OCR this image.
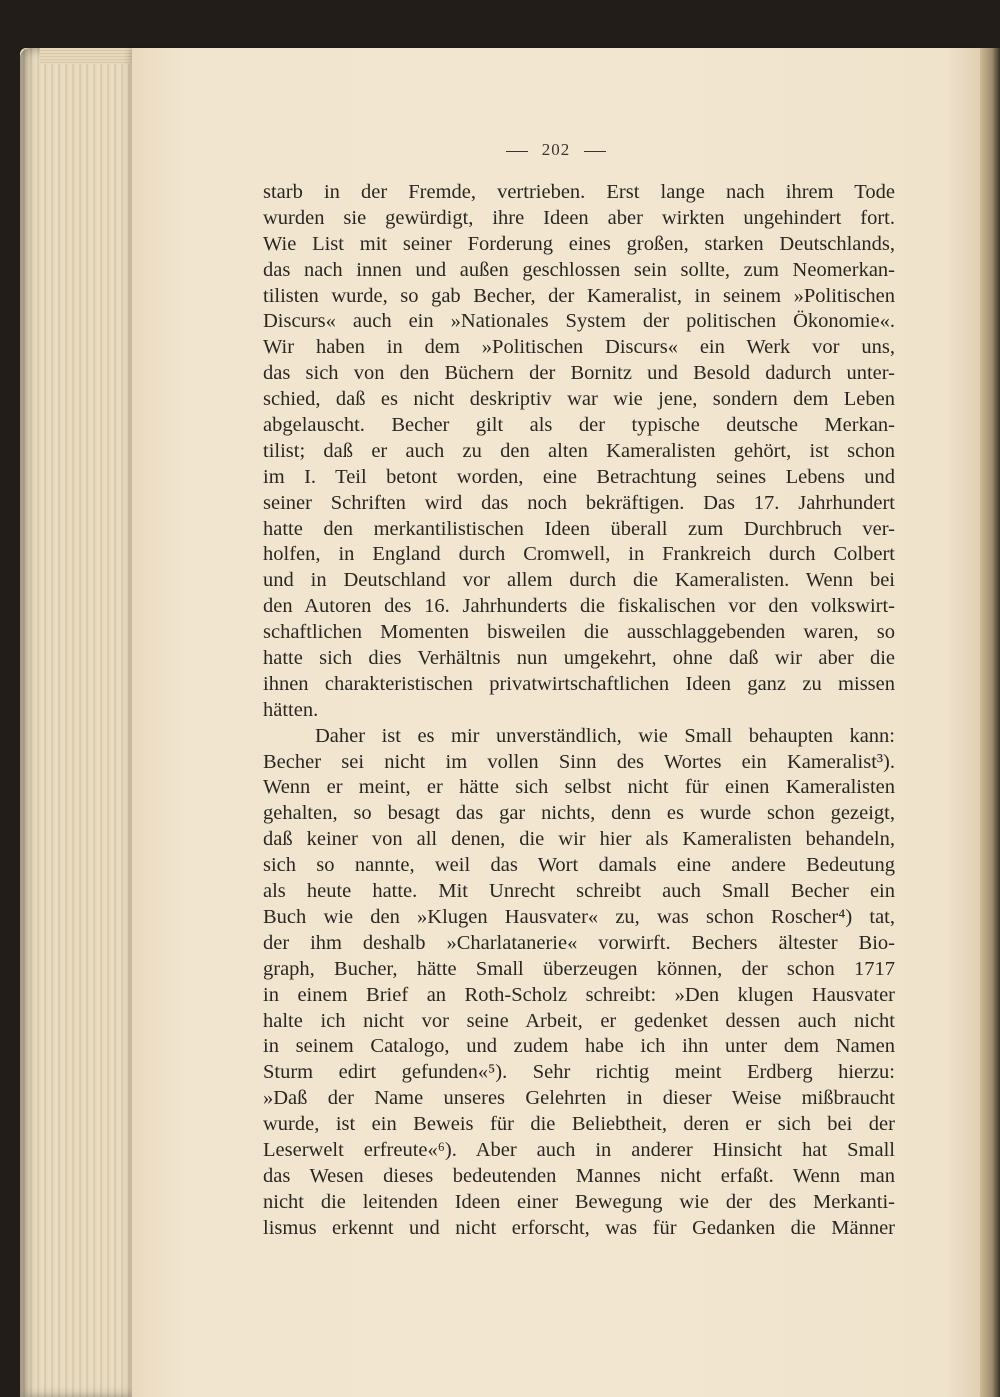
202
starb in der Fremde, vertrieben. Erst lange nach ihrem Tode
wurden sie gewürdigt, ihre Ideen aber wirkten ungehindert fort.
Wie List mit seiner Forderung eines großen, starken Deutschlands,
das nach innen und außen geschlossen sein sollte, zum Neomerkan-
tilisten wurde, so gab Becher, der Kameralist, in seinem »Politischen
Discurs« auch ein »Nationales System der politischen Ökonomie«.
Wir haben in dem »Politischen Discurs« ein Werk vor uns,
das sich von den Büchern der Bornitz und Besold dadurch unter-
schied, daß es nicht deskriptiv war wie jene, sondern dem Leben
abgelauscht. Becher gilt als der typische deutsche Merkan-
tilist; daß er auch zu den alten Kameralisten gehört, ist schon
im I. Teil betont worden, eine Betrachtung seines Lebens und
seiner Schriften wird das noch bekräftigen. Das 17. Jahrhundert
hatte den merkantilistischen Ideen überall zum Durchbruch ver-
holfen, in England durch Cromwell, in Frankreich durch Colbert
und in Deutschland vor allem durch die Kameralisten. Wenn bei
den Autoren des 16. Jahrhunderts die fiskalischen vor den volkswirt-
schaftlichen Momenten bisweilen die ausschlaggebenden waren, so
hatte sich dies Verhältnis nun umgekehrt, ohne daß wir aber die
ihnen charakteristischen privatwirtschaftlichen Ideen ganz zu missen
hätten.
Daher ist es mir unverständlich, wie Small behaupten kann:
Becher sei nicht im vollen Sinn des Wortes ein Kameralist³).
Wenn er meint, er hätte sich selbst nicht für einen Kameralisten
gehalten, so besagt das gar nichts, denn es wurde schon gezeigt,
daß keiner von all denen, die wir hier als Kameralisten behandeln,
sich so nannte, weil das Wort damals eine andere Bedeutung
als heute hatte. Mit Unrecht schreibt auch Small Becher ein
Buch wie den »Klugen Hausvater« zu, was schon Roscher⁴) tat,
der ihm deshalb »Charlatanerie« vorwirft. Bechers ältester Bio-
graph, Bucher, hätte Small überzeugen können, der schon 1717
in einem Brief an Roth-Scholz schreibt: »Den klugen Hausvater
halte ich nicht vor seine Arbeit, er gedenket dessen auch nicht
in seinem Catalogo, und zudem habe ich ihn unter dem Namen
Sturm edirt gefunden«⁵). Sehr richtig meint Erdberg hierzu:
»Daß der Name unseres Gelehrten in dieser Weise mißbraucht
wurde, ist ein Beweis für die Beliebtheit, deren er sich bei der
Leserwelt erfreute«⁶). Aber auch in anderer Hinsicht hat Small
das Wesen dieses bedeutenden Mannes nicht erfaßt. Wenn man
nicht die leitenden Ideen einer Bewegung wie der des Merkanti-
lismus erkennt und nicht erforscht, was für Gedanken die Männer
